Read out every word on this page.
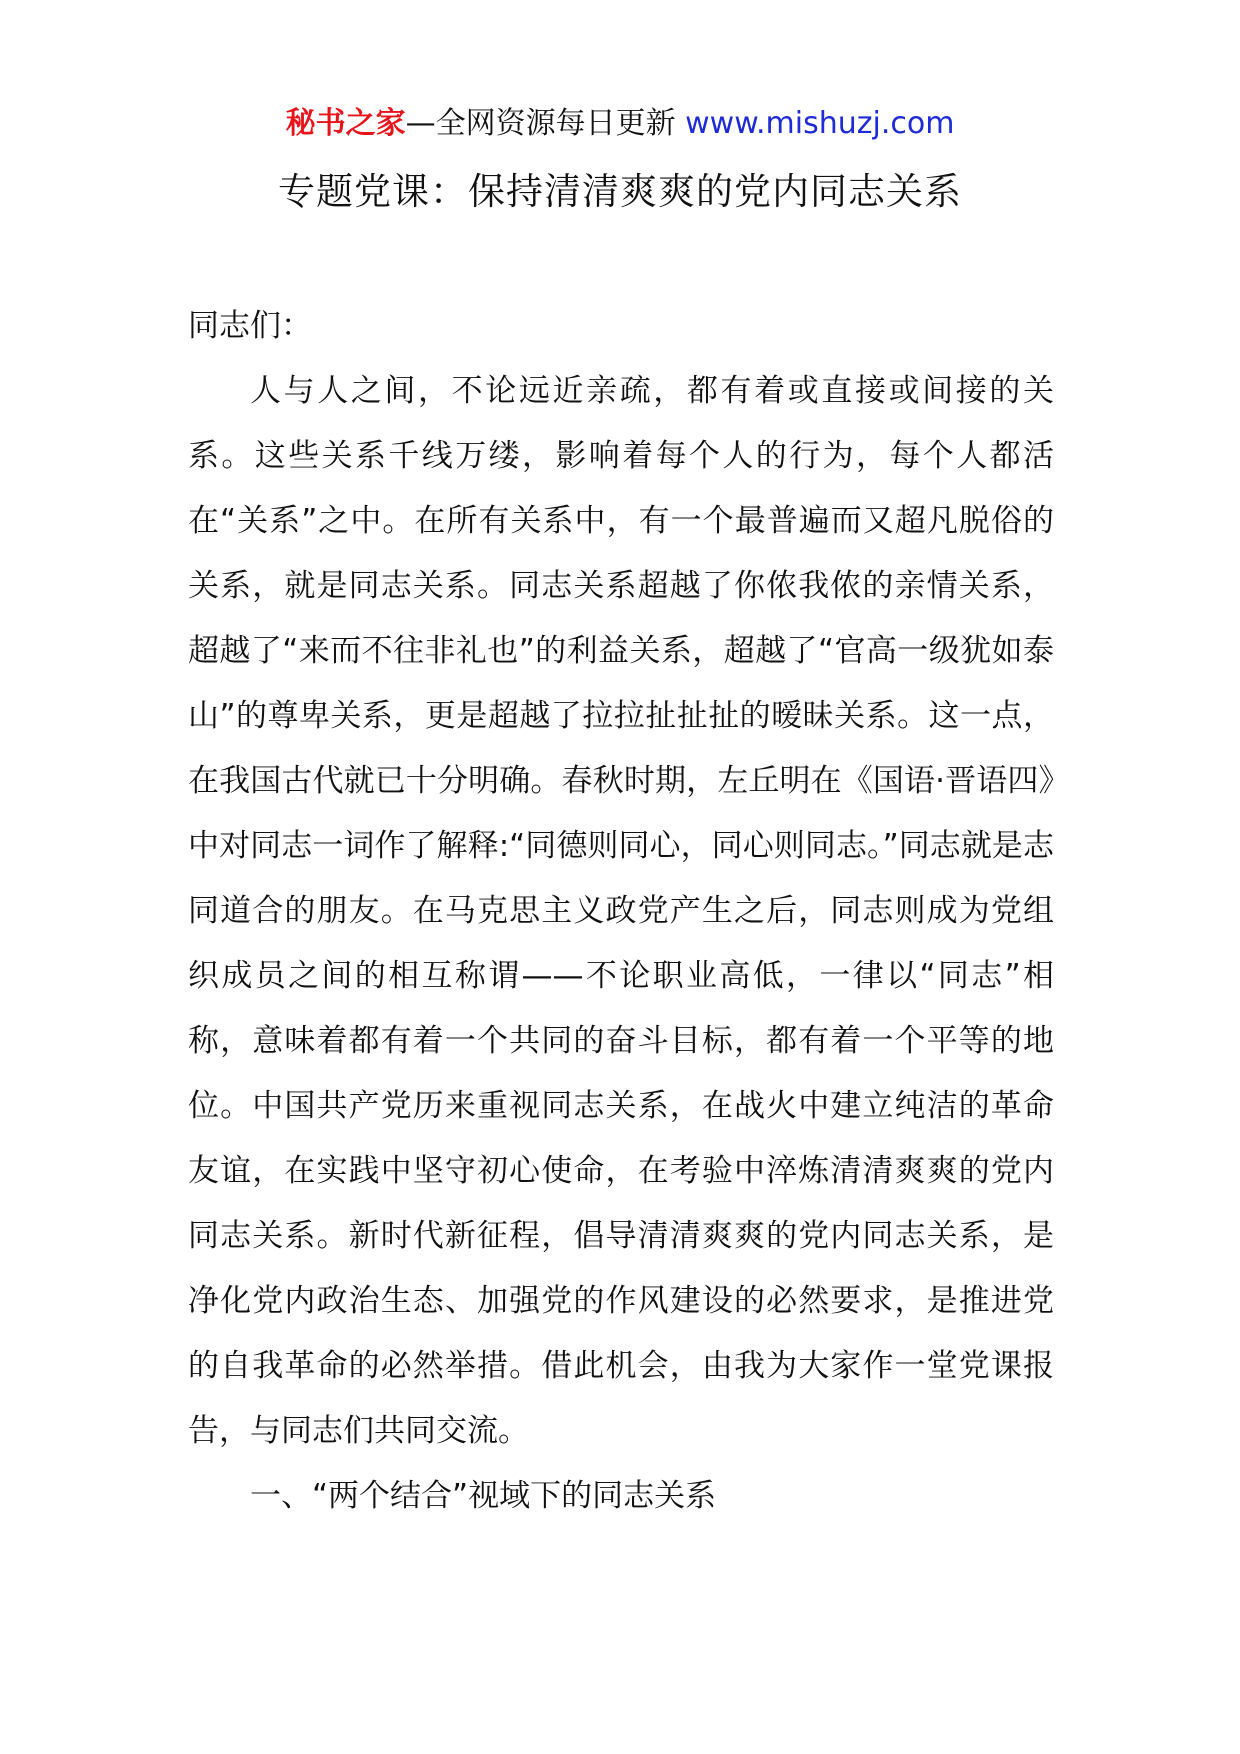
秘书之家—全网资源每日更新 www.mishuzj.com
专题党课：保持清清爽爽的党内同志关系

同志们：

人与人之间，不论远近亲疏，都有着或直接或间接的关系。这些关系千线万缕，影响着每个人的行为，每个人都活在“关系”之中。在所有关系中，有一个最普遍而又超凡脱俗的关系，就是同志关系。同志关系超越了你侬我侬的亲情关系，超越了“来而不往非礼也”的利益关系，超越了“官高一级犹如泰山”的尊卑关系，更是超越了拉拉扯扯扯的暧昧关系。这一点，在我国古代就已十分明确。春秋时期，左丘明在《国语·晋语四》中对同志一词作了解释:“同德则同心，同心则同志。”同志就是志同道合的朋友。在马克思主义政党产生之后，同志则成为党组织成员之间的相互称谓——不论职业高低，一律以“同志”相称，意味着都有着一个共同的奋斗目标，都有着一个平等的地位。中国共产党历来重视同志关系，在战火中建立纯洁的革命友谊，在实践中坚守初心使命，在考验中淬炼清清爽爽的党内同志关系。新时代新征程，倡导清清爽爽的党内同志关系，是净化党内政治生态、加强党的作风建设的必然要求，是推进党的自我革命的必然举措。借此机会，由我为大家作一堂党课报告，与同志们共同交流。

一、“两个结合”视域下的同志关系
